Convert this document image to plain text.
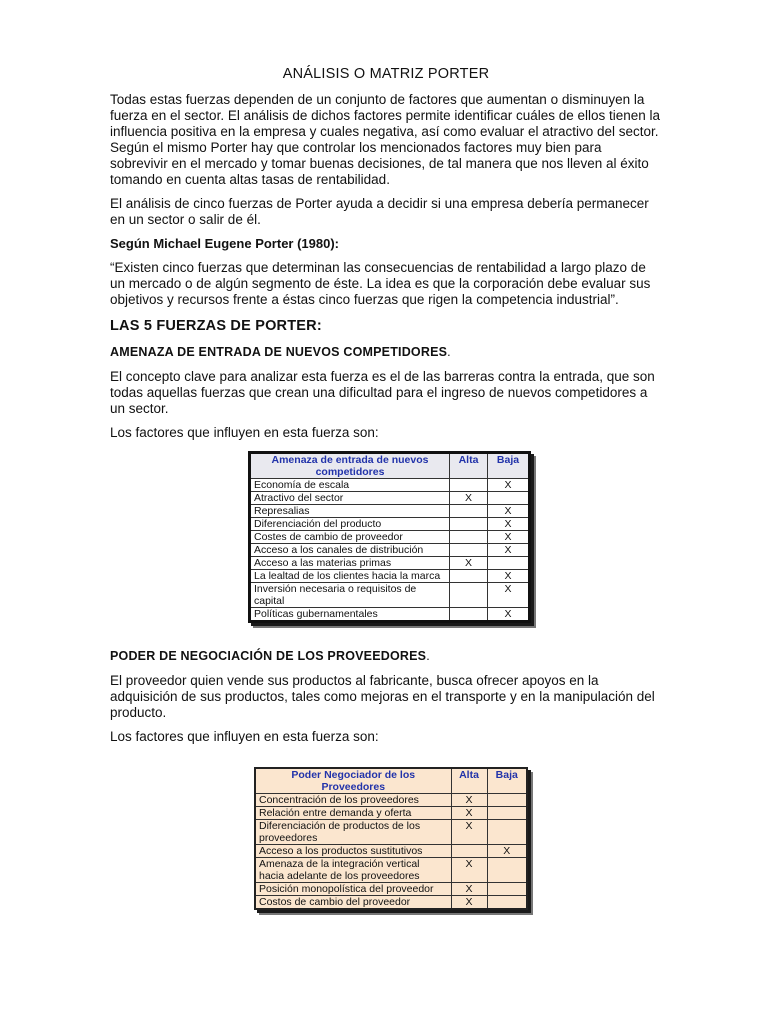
ANÁLISIS O MATRIZ PORTER

Todas estas fuerzas dependen de un conjunto de factores que aumentan o disminuyen la fuerza en el sector. El análisis de dichos factores permite identificar cuáles de ellos tienen la influencia positiva en la empresa y cuales negativa, así como evaluar el atractivo del sector. Según el mismo Porter hay que controlar los mencionados factores muy bien para sobrevivir en el mercado y tomar buenas decisiones, de tal manera que nos lleven al éxito tomando en cuenta altas tasas de rentabilidad.

El análisis de cinco fuerzas de Porter ayuda a decidir si una empresa debería permanecer en un sector o salir de él.

Según Michael Eugene Porter (1980):

“Existen cinco fuerzas que determinan las consecuencias de rentabilidad a largo plazo de un mercado o de algún segmento de éste. La idea es que la corporación debe evaluar sus objetivos y recursos frente a éstas cinco fuerzas que rigen la competencia industrial”.

LAS 5 FUERZAS DE PORTER:
AMENAZA DE ENTRADA DE NUEVOS COMPETIDORES.

El concepto clave para analizar esta fuerza es el de las barreras contra la entrada, que son todas aquellas fuerzas que crean una dificultad para el ingreso de nuevos competidores a un sector.

Los factores que influyen en esta fuerza son:

Amenaza de entrada de nuevos competidores	Alta	Baja
Economía de escala		X
Atractivo del sector	X	
Represalias		X
Diferenciación del producto		X
Costes de cambio de proveedor		X
Acceso a los canales de distribución		X
Acceso a las materias primas	X	
La lealtad de los clientes hacia la marca		X
Inversión necesaria o requisitos de capital		X
Políticas gubernamentales		X
PODER DE NEGOCIACIÓN DE LOS PROVEEDORES.

El proveedor quien vende sus productos al fabricante, busca ofrecer apoyos en la adquisición de sus productos, tales como mejoras en el transporte y en la manipulación del producto.

Los factores que influyen en esta fuerza son:

Poder Negociador de los Proveedores	Alta	Baja
Concentración de los proveedores	X	
Relación entre demanda y oferta	X	
Diferenciación de productos de los proveedores	X	
Acceso a los productos sustitutivos		X
Amenaza de la integración vertical hacia adelante de los proveedores	X	
Posición monopolística del proveedor	X	
Costos de cambio del proveedor	X	
